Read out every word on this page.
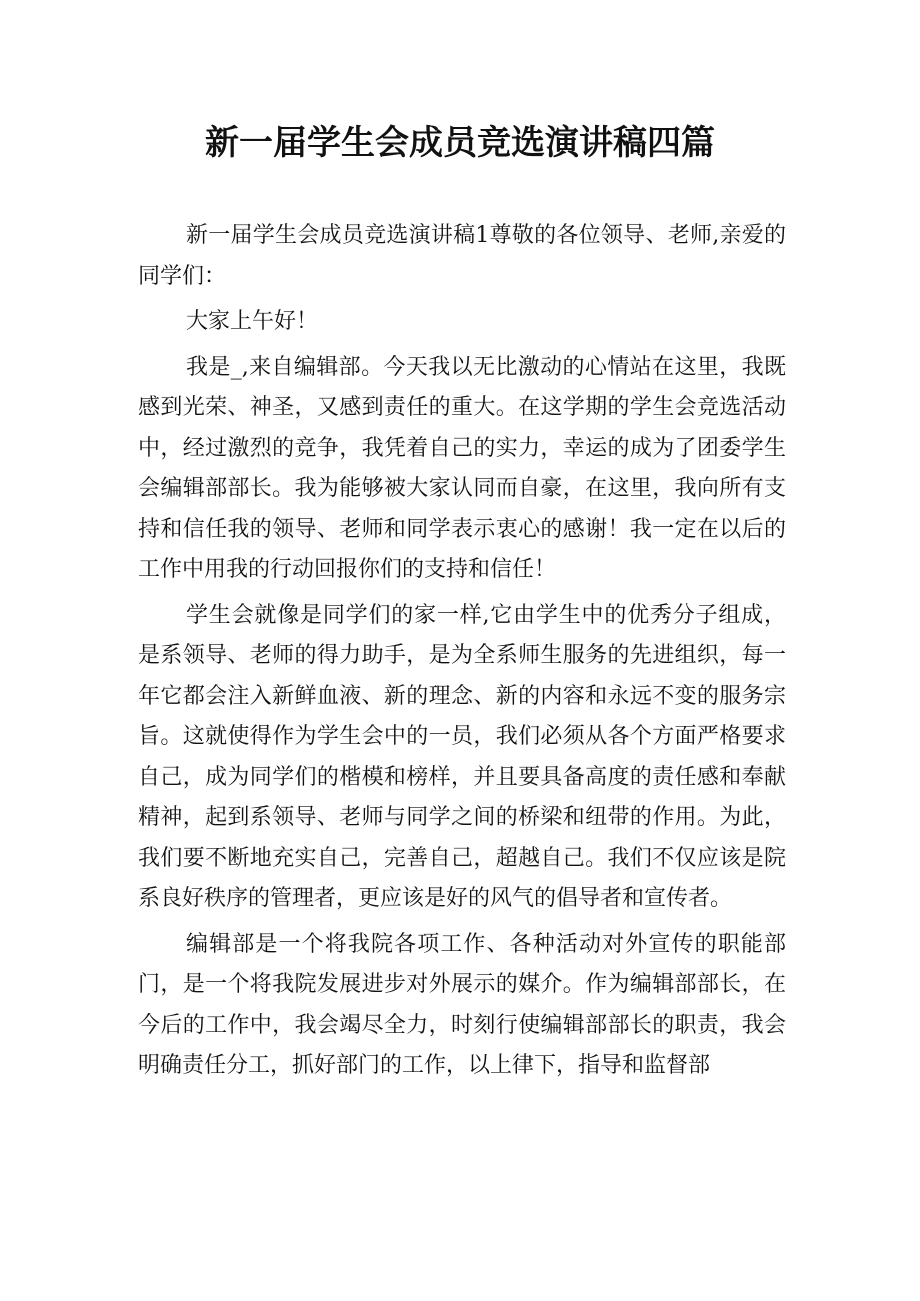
新一届学生会成员竞选演讲稿四篇

新一届学生会成员竞选演讲稿1尊敬的各位领导、老师,亲爱的同学们：

大家上午好！

我是_,来自编辑部。今天我以无比激动的心情站在这里，我既感到光荣、神圣，又感到责任的重大。在这学期的学生会竞选活动中，经过激烈的竞争，我凭着自己的实力，幸运的成为了团委学生会编辑部部长。我为能够被大家认同而自豪，在这里，我向所有支持和信任我的领导、老师和同学表示衷心的感谢！我一定在以后的工作中用我的行动回报你们的支持和信任！

学生会就像是同学们的家一样,它由学生中的优秀分子组成，是系领导、老师的得力助手，是为全系师生服务的先进组织，每一年它都会注入新鲜血液、新的理念、新的内容和永远不变的服务宗旨。这就使得作为学生会中的一员，我们必须从各个方面严格要求自己，成为同学们的楷模和榜样，并且要具备高度的责任感和奉献精神，起到系领导、老师与同学之间的桥梁和纽带的作用。为此，我们要不断地充实自己，完善自己，超越自己。我们不仅应该是院系良好秩序的管理者，更应该是好的风气的倡导者和宣传者。

编辑部是一个将我院各项工作、各种活动对外宣传的职能部门，是一个将我院发展进步对外展示的媒介。作为编辑部部长，在今后的工作中，我会竭尽全力，时刻行使编辑部部长的职责，我会明确责任分工，抓好部门的工作，以上律下，指导和监督部
